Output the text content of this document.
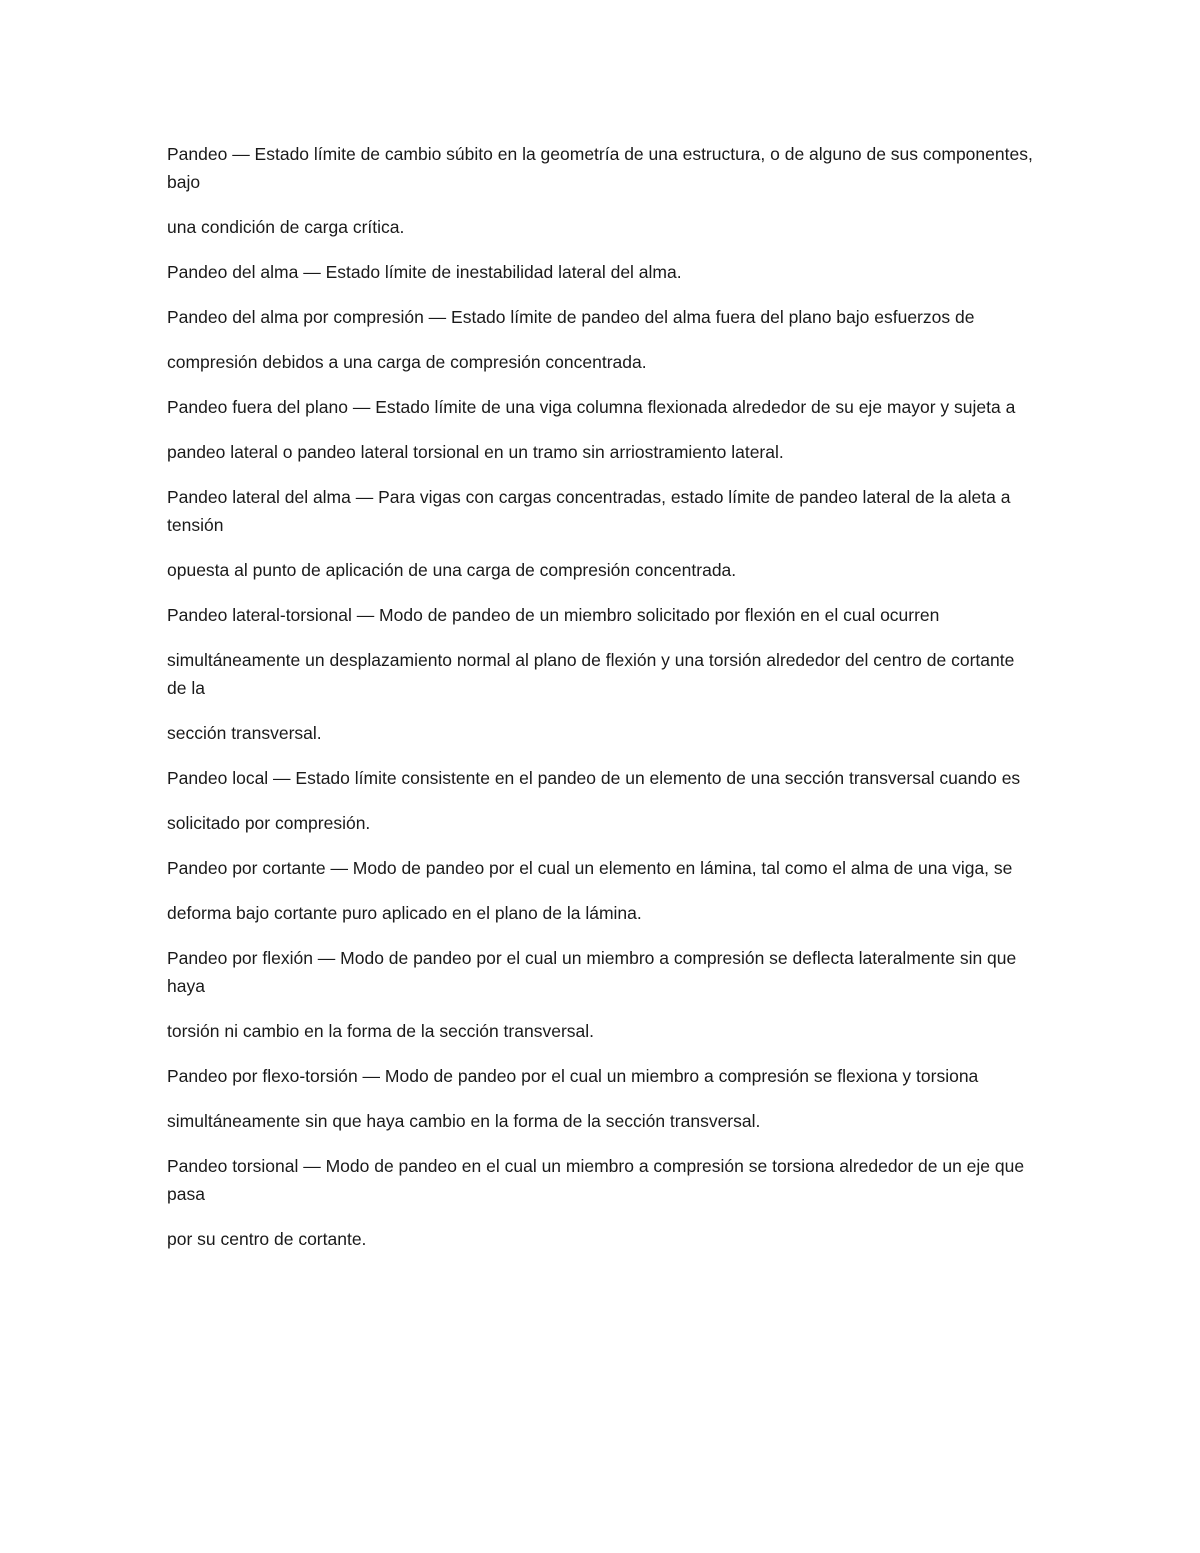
Pandeo — Estado límite de cambio súbito en la geometría de una estructura, o de alguno de sus componentes, bajo

una condición de carga crítica.

Pandeo del alma — Estado límite de inestabilidad lateral del alma.

Pandeo del alma por compresión — Estado límite de pandeo del alma fuera del plano bajo esfuerzos de

compresión debidos a una carga de compresión concentrada.

Pandeo fuera del plano — Estado límite de una viga columna flexionada alrededor de su eje mayor y sujeta a

pandeo lateral o pandeo lateral torsional en un tramo sin arriostramiento lateral.

Pandeo lateral del alma — Para vigas con cargas concentradas, estado límite de pandeo lateral de la aleta a tensión

opuesta al punto de aplicación de una carga de compresión concentrada.

Pandeo lateral-torsional — Modo de pandeo de un miembro solicitado por flexión en el cual ocurren

simultáneamente un desplazamiento normal al plano de flexión y una torsión alrededor del centro de cortante de la

sección transversal.

Pandeo local — Estado límite consistente en el pandeo de un elemento de una sección transversal cuando es

solicitado por compresión.

Pandeo por cortante — Modo de pandeo por el cual un elemento en lámina, tal como el alma de una viga, se

deforma bajo cortante puro aplicado en el plano de la lámina.

Pandeo por flexión — Modo de pandeo por el cual un miembro a compresión se deflecta lateralmente sin que haya

torsión ni cambio en la forma de la sección transversal.

Pandeo por flexo-torsión — Modo de pandeo por el cual un miembro a compresión se flexiona y torsiona

simultáneamente sin que haya cambio en la forma de la sección transversal.

Pandeo torsional — Modo de pandeo en el cual un miembro a compresión se torsiona alrededor de un eje que pasa

por su centro de cortante.
